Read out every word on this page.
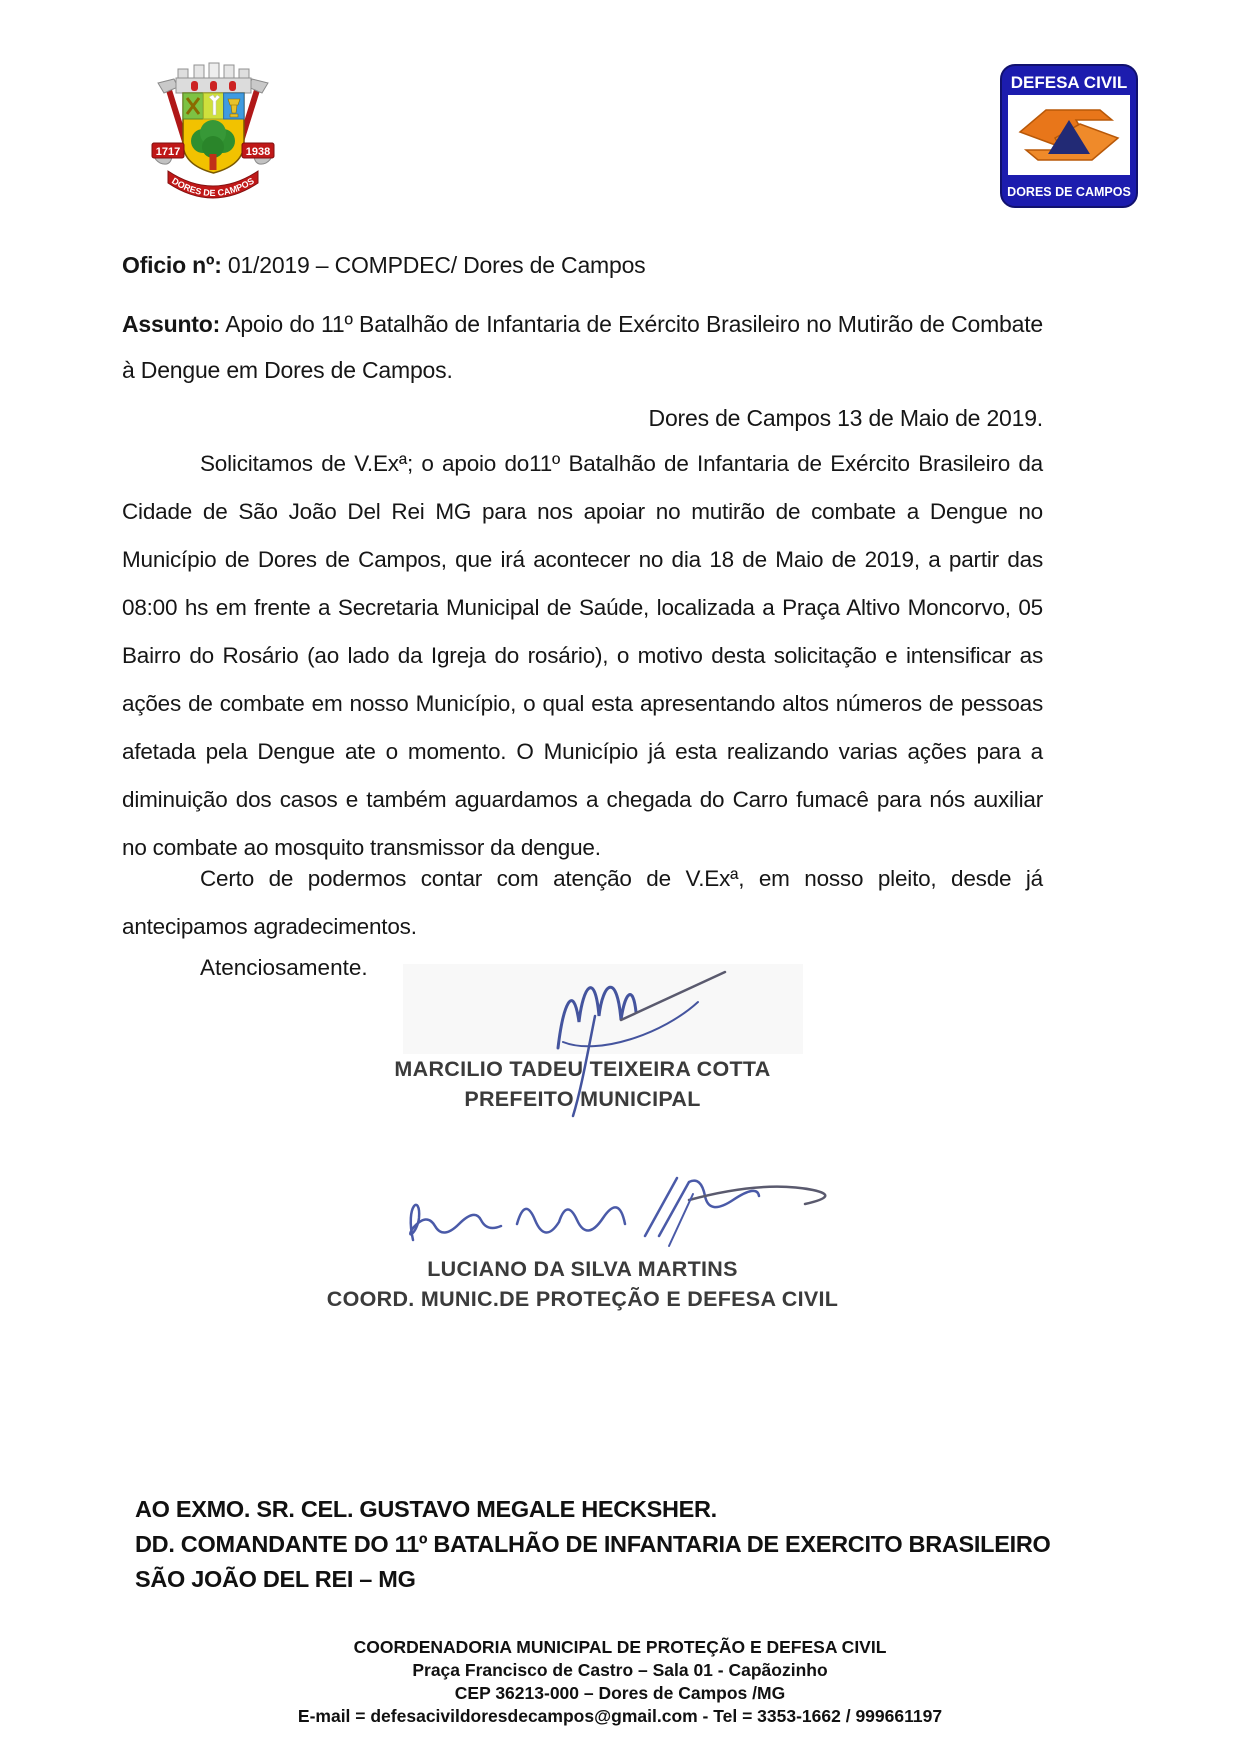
1717	1938
DORES DE CAMPOS
DEFESA CIVIL
DORES DE CAMPOS
Oficio nº: 01/2019 – COMPDEC/ Dores de Campos
Assunto: Apoio do 11º Batalhão de Infantaria de Exército Brasileiro no Mutirão de Combate à Dengue em Dores de Campos.
Dores de Campos 13 de Maio de 2019.
Solicitamos de V.Exª; o apoio do11º Batalhão de Infantaria de Exército Brasileiro da Cidade de São João Del Rei MG para nos apoiar no mutirão de combate a Dengue no Município de Dores de Campos, que irá acontecer no dia 18 de Maio de 2019, a partir das 08:00 hs em frente a Secretaria Municipal de Saúde, localizada a Praça Altivo Moncorvo, 05 Bairro do Rosário (ao lado da Igreja do rosário), o motivo desta solicitação e intensificar as ações de combate em nosso Município, o qual esta apresentando altos números de pessoas afetada pela Dengue ate o momento. O Município já esta realizando varias ações para a diminuição dos casos e também aguardamos a chegada do Carro fumacê para nós auxiliar no combate ao mosquito transmissor da dengue.
Certo de podermos contar com atenção de V.Exª, em nosso pleito, desde já antecipamos agradecimentos.
Atenciosamente.
MARCILIO TADEU TEIXEIRA COTTA
PREFEITO MUNICIPAL
LUCIANO DA SILVA MARTINS
COORD. MUNIC.DE PROTEÇÃO E DEFESA CIVIL
AO EXMO. SR. CEL. GUSTAVO MEGALE HECKSHER.
DD. COMANDANTE DO 11º BATALHÃO DE INFANTARIA DE EXERCITO BRASILEIRO
SÃO JOÃO DEL REI – MG
COORDENADORIA MUNICIPAL DE PROTEÇÃO E DEFESA CIVIL
Praça Francisco de Castro – Sala 01 - Capãozinho
CEP 36213-000 – Dores de Campos /MG
E-mail = defesacivildoresdecampos@gmail.com - Tel = 3353-1662 / 999661197
